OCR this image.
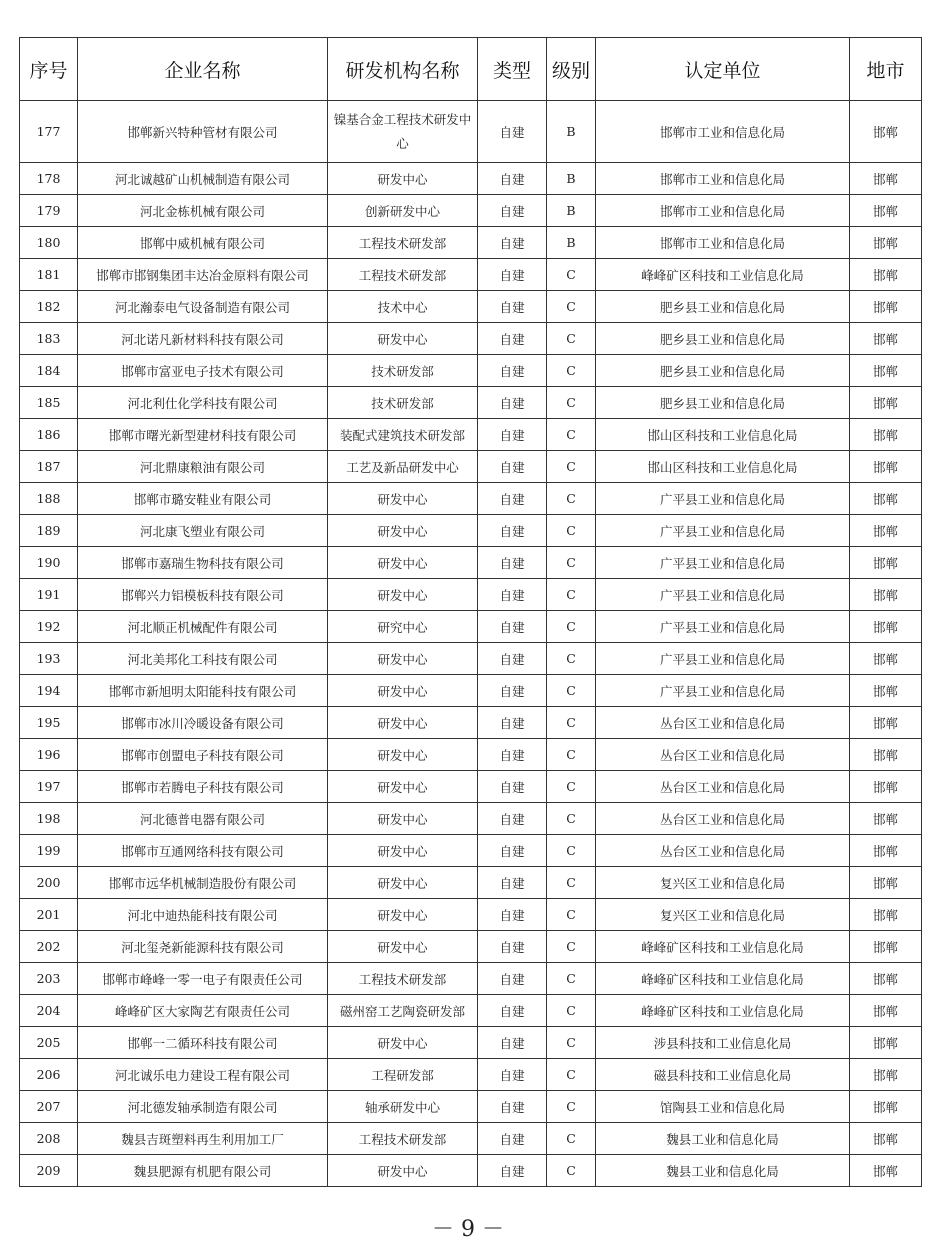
序号	企业名称	研发机构名称	类型	级别	认定单位	地市
177	邯郸新兴特种管材有限公司	镍基合金工程技术研发中心	自建	B	邯郸市工业和信息化局	邯郸
178	河北诚越矿山机械制造有限公司	研发中心	自建	B	邯郸市工业和信息化局	邯郸
179	河北金栋机械有限公司	创新研发中心	自建	B	邯郸市工业和信息化局	邯郸
180	邯郸中威机械有限公司	工程技术研发部	自建	B	邯郸市工业和信息化局	邯郸
181	邯郸市邯钢集团丰达冶金原料有限公司	工程技术研发部	自建	C	峰峰矿区科技和工业信息化局	邯郸
182	河北瀚泰电气设备制造有限公司	技术中心	自建	C	肥乡县工业和信息化局	邯郸
183	河北诺凡新材料科技有限公司	研发中心	自建	C	肥乡县工业和信息化局	邯郸
184	邯郸市富亚电子技术有限公司	技术研发部	自建	C	肥乡县工业和信息化局	邯郸
185	河北利仕化学科技有限公司	技术研发部	自建	C	肥乡县工业和信息化局	邯郸
186	邯郸市曙光新型建材科技有限公司	装配式建筑技术研发部	自建	C	邯山区科技和工业信息化局	邯郸
187	河北鼎康粮油有限公司	工艺及新品研发中心	自建	C	邯山区科技和工业信息化局	邯郸
188	邯郸市璐安鞋业有限公司	研发中心	自建	C	广平县工业和信息化局	邯郸
189	河北康飞塑业有限公司	研发中心	自建	C	广平县工业和信息化局	邯郸
190	邯郸市嘉瑞生物科技有限公司	研发中心	自建	C	广平县工业和信息化局	邯郸
191	邯郸兴力铝模板科技有限公司	研发中心	自建	C	广平县工业和信息化局	邯郸
192	河北顺正机械配件有限公司	研究中心	自建	C	广平县工业和信息化局	邯郸
193	河北美邦化工科技有限公司	研发中心	自建	C	广平县工业和信息化局	邯郸
194	邯郸市新旭明太阳能科技有限公司	研发中心	自建	C	广平县工业和信息化局	邯郸
195	邯郸市冰川冷暖设备有限公司	研发中心	自建	C	丛台区工业和信息化局	邯郸
196	邯郸市创盟电子科技有限公司	研发中心	自建	C	丛台区工业和信息化局	邯郸
197	邯郸市若腾电子科技有限公司	研发中心	自建	C	丛台区工业和信息化局	邯郸
198	河北德普电器有限公司	研发中心	自建	C	丛台区工业和信息化局	邯郸
199	邯郸市互通网络科技有限公司	研发中心	自建	C	丛台区工业和信息化局	邯郸
200	邯郸市远华机械制造股份有限公司	研发中心	自建	C	复兴区工业和信息化局	邯郸
201	河北中迪热能科技有限公司	研发中心	自建	C	复兴区工业和信息化局	邯郸
202	河北玺尧新能源科技有限公司	研发中心	自建	C	峰峰矿区科技和工业信息化局	邯郸
203	邯郸市峰峰一零一电子有限责任公司	工程技术研发部	自建	C	峰峰矿区科技和工业信息化局	邯郸
204	峰峰矿区大家陶艺有限责任公司	磁州窑工艺陶瓷研发部	自建	C	峰峰矿区科技和工业信息化局	邯郸
205	邯郸一二循环科技有限公司	研发中心	自建	C	涉县科技和工业信息化局	邯郸
206	河北诚乐电力建设工程有限公司	工程研发部	自建	C	磁县科技和工业信息化局	邯郸
207	河北德发轴承制造有限公司	轴承研发中心	自建	C	馆陶县工业和信息化局	邯郸
208	魏县吉斑塑料再生利用加工厂	工程技术研发部	自建	C	魏县工业和信息化局	邯郸
209	魏县肥源有机肥有限公司	研发中心	自建	C	魏县工业和信息化局	邯郸
－ 9 －
